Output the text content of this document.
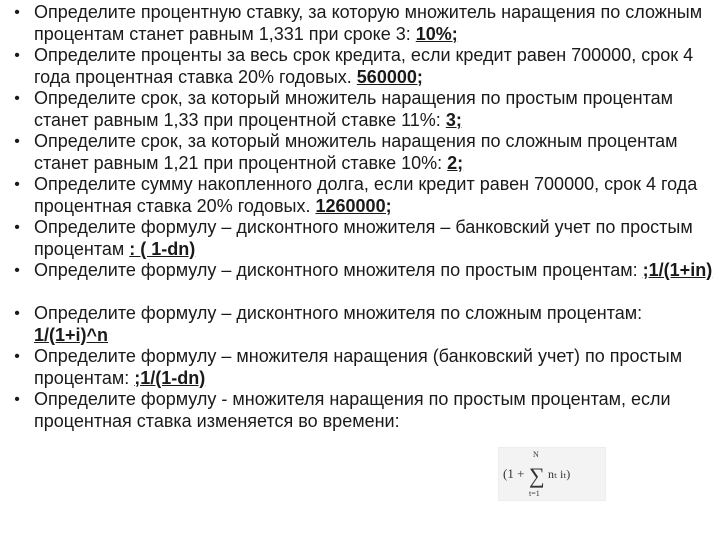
• Определите процентную ставку, за которую множитель наращения по сложным процентам станет равным 1,331 при сроке 3: 10%;
• Определите проценты за весь срок кредита, если кредит равен 700000, срок 4 года процентная ставка 20% годовых. 560000;
• Определите срок, за который множитель наращения по простым процентам станет равным 1,33 при процентной ставке 11%: 3;
• Определите срок, за который множитель наращения по сложным процентам станет равным 1,21 при процентной ставке 10%: 2;
• Определите сумму накопленного долга, если кредит равен 700000, срок 4 года процентная ставка 20% годовых. 1260000;
• Определите формулу – дисконтного множителя – банковский учет по простым процентам : ( 1-dn)
• Определите формулу – дисконтного множителя по простым процентам: ;1/(1+in)
• Определите формулу – дисконтного множителя по сложным процентам: 1/(1+i)^n
• Определите формулу – множителя наращения (банковский учет) по простым процентам: ;1/(1-dn)
• Определите формулу - множителя наращения по простым процентам, если процентная ставка изменяется во времени:
(1 +
N
∑
t=1
nₜ iₜ)
